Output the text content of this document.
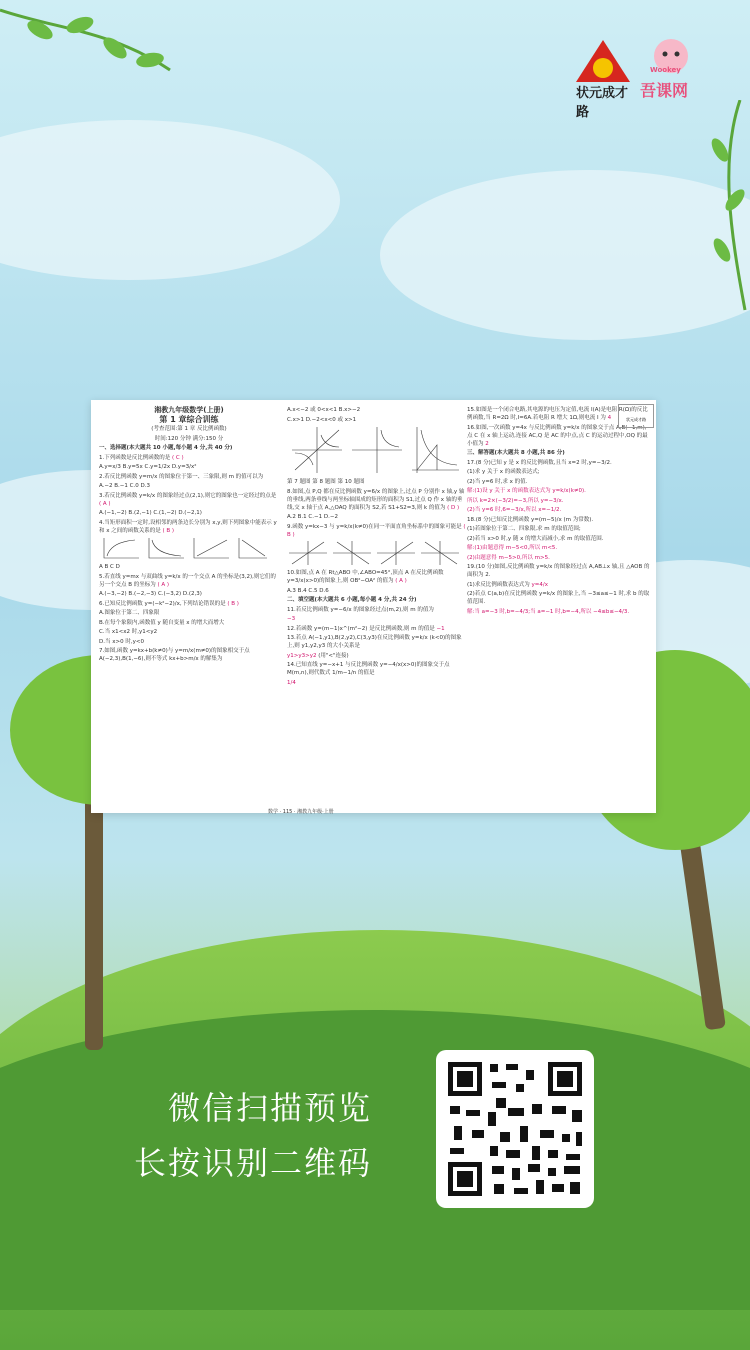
状元成才路
Wookey
吾课网

湘教九年级数学(上册)

第 1 章综合训练

(考查范围:第 1 章 反比例函数)

时间:120 分钟 满分:150 分

一、选择题(本大题共 10 小题,每小题 4 分,共 40 分)

1.下列函数是反比例函数的是 ( C )

A.y=x/3 B.y=5x C.y=1/2x D.y=3/x²

2.若反比例函数 y=m/x 的图象位于第一、三象限,则 m 的值可以为

A.−2 B.−1 C.0 D.3

3.若反比例函数 y=k/x 的图象经过点(2,1),则它的图象也一定经过的点是 ( A )

A.(−1,−2) B.(2,−1) C.(1,−2) D.(−2,1)

4.当矩形面积一定时,设相邻的两条边长分别为 x,y,则下列图象中能表示 y 和 x 之间的函数关系的是 ( B )

A B C D

5.若直线 y=mx 与双曲线 y=k/x 的一个交点 A 的坐标是(3,2),则它们的另一个交点 B 的坐标为 ( A )

A.(−3,−2) B.(−2,−3) C.(−3,2) D.(2,3)

6.已知反比例函数 y=(−k²−2)/x,下列结论错误的是 ( B )

A.图象位于第二、四象限

B.在每个象限内,函数值 y 随自变量 x 的增大而增大

C.当 x1<x2 时,y1<y2

D.当 x>0 时,y<0

7.如图,函数 y=kx+b(k≠0)与 y=m/x(m≠0)的图象相交于点 A(−2,3),B(1,−6),则不等式 kx+b>m/x 的解集为

A.x<−2 或 0<x<1 B.x>−2

C.x>1 D.−2<x<0 或 x>1

第 7 题图 第 8 题图 第 10 题图

8.如图,点 P,Q 都在反比例函数 y=6/x 的图象上,过点 P 分别作 x 轴,y 轴的垂线,两条垂线与两坐标轴围成的矩形的面积为 S1,过点 Q 作 x 轴的垂线,交 x 轴于点 A,△OAQ 的面积为 S2,若 S1+S2=3,则 k 的值为 ( D )

A.2 B.1 C.−1 D.−2

9.函数 y=kx−3 与 y=k/x(k≠0)在同一平面直角坐标系中的图象可能是 ( B )

10.如图,点 A 在 Rt△ABO 中,∠ABO=45°,顶点 A 在反比例函数 y=3/x(x>0)的图象上,则 OB²−OA² 的值为 ( A )

A.3 B.4 C.5 D.6

二、填空题(本大题共 6 小题,每小题 4 分,共 24 分)

11.若反比例函数 y=−6/x 的图象经过点(m,2),则 m 的值为

−3

12.若函数 y=(m−1)x^(m²−2) 是反比例函数,则 m 的值是 −1

13.若点 A(−1,y1),B(2,y2),C(3,y3)在反比例函数 y=k/x (k<0)的图象上,则 y1,y2,y3 的大小关系是

y1>y3>y2 (用"<"连接)

14.已知直线 y=−x+1 与反比例函数 y=−4/x(x>0)的图象交于点 M(m,n),则代数式 1/m−1/n 的值是

1/4

15.如图是一个闭合电路,其电源的电压为定值,电流 I(A)是电阻 R(Ω)的反比例函数,当 R=2Ω 时,I=6A.若电阻 R 增大 1Ω,则电流 I 为 4

16.如图,一次函数 y=4x 与反比例函数 y=k/x 的图象交于点 A,B(−1,m),点 C 在 x 轴上运动,连接 AC,Q 是 AC 的中点,点 C 的运动过程中,OQ 的最小值为 2

三、解答题(本大题共 8 小题,共 86 分)

17.(8 分)已知 y 是 x 的反比例函数,且当 x=2 时,y=−3/2.

(1)求 y 关于 x 的函数表达式;

(2)当 y=6 时,求 x 的值.

解:(1)设 y 关于 x 的函数表达式为 y=k/x(k≠0).

所以 k=2×(−3/2)=−3,所以 y=−3/x.

(2)当 y=6 时,6=−3/x,所以 x=−1/2.

18.(8 分)已知反比例函数 y=(m−5)/x (m 为常数).

(1)若图象位于第二、四象限,求 m 的取值范围;

(2)若当 x>0 时,y 随 x 的增大而减小,求 m 的取值范围.

解:(1)由题意得 m−5<0,所以 m<5.

(2)由题意得 m−5>0,所以 m>5.

19.(10 分)如图,反比例函数 y=k/x 的图象经过点 A,AB⊥x 轴,且 △AOB 的面积为 2.

(1)求反比例函数表达式为 y=4/x

(2)若点 C(a,b)在反比例函数 y=k/x 的图象上,当 −3≤a≤−1 时,求 b 的取值范围.

解:当 a=−3 时,b=−4/3;当 a=−1 时,b=−4,所以 −4≤b≤−4/3.

状元成才路
数学 · 115 · 湘教九年级·上册
微信扫描预览
长按识别二维码
